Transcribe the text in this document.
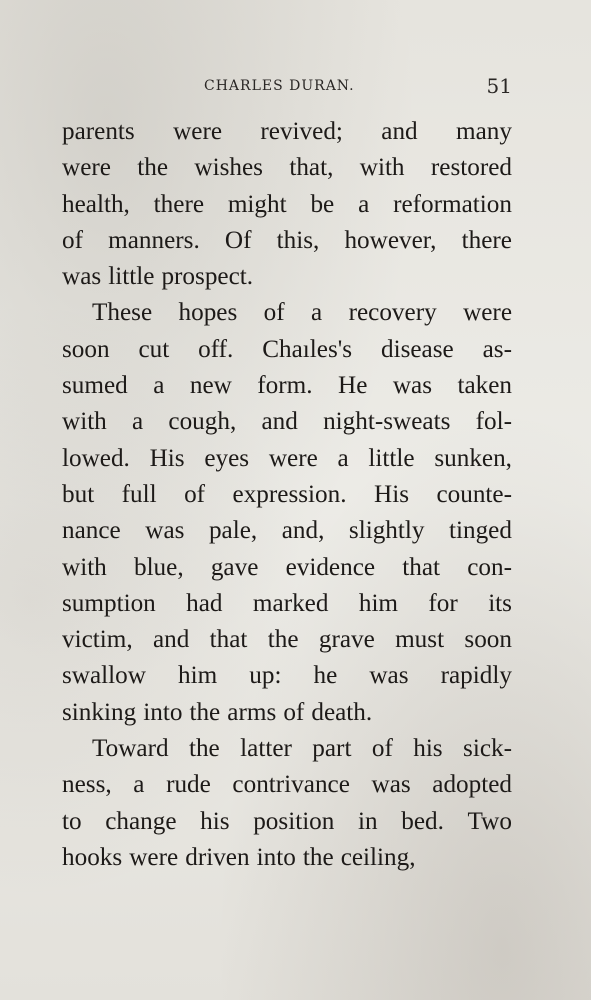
CHARLES DURAN.	51
parents were revived; and many
were the wishes that, with restored
health, there might be a reformation
of manners. Of this, however, there
was little prospect.
These hopes of a recovery were
soon cut off. Chaıles's disease as-
sumed a new form. He was taken
with a cough, and night-sweats fol-
lowed. His eyes were a little sunken,
but full of expression. His counte-
nance was pale, and, slightly tinged
with blue, gave evidence that con-
sumption had marked him for its
victim, and that the grave must soon
swallow him up: he was rapidly
sinking into the arms of death.
Toward the latter part of his sick-
ness, a rude contrivance was adopted
to change his position in bed. Two
hooks were driven into the ceiling,
